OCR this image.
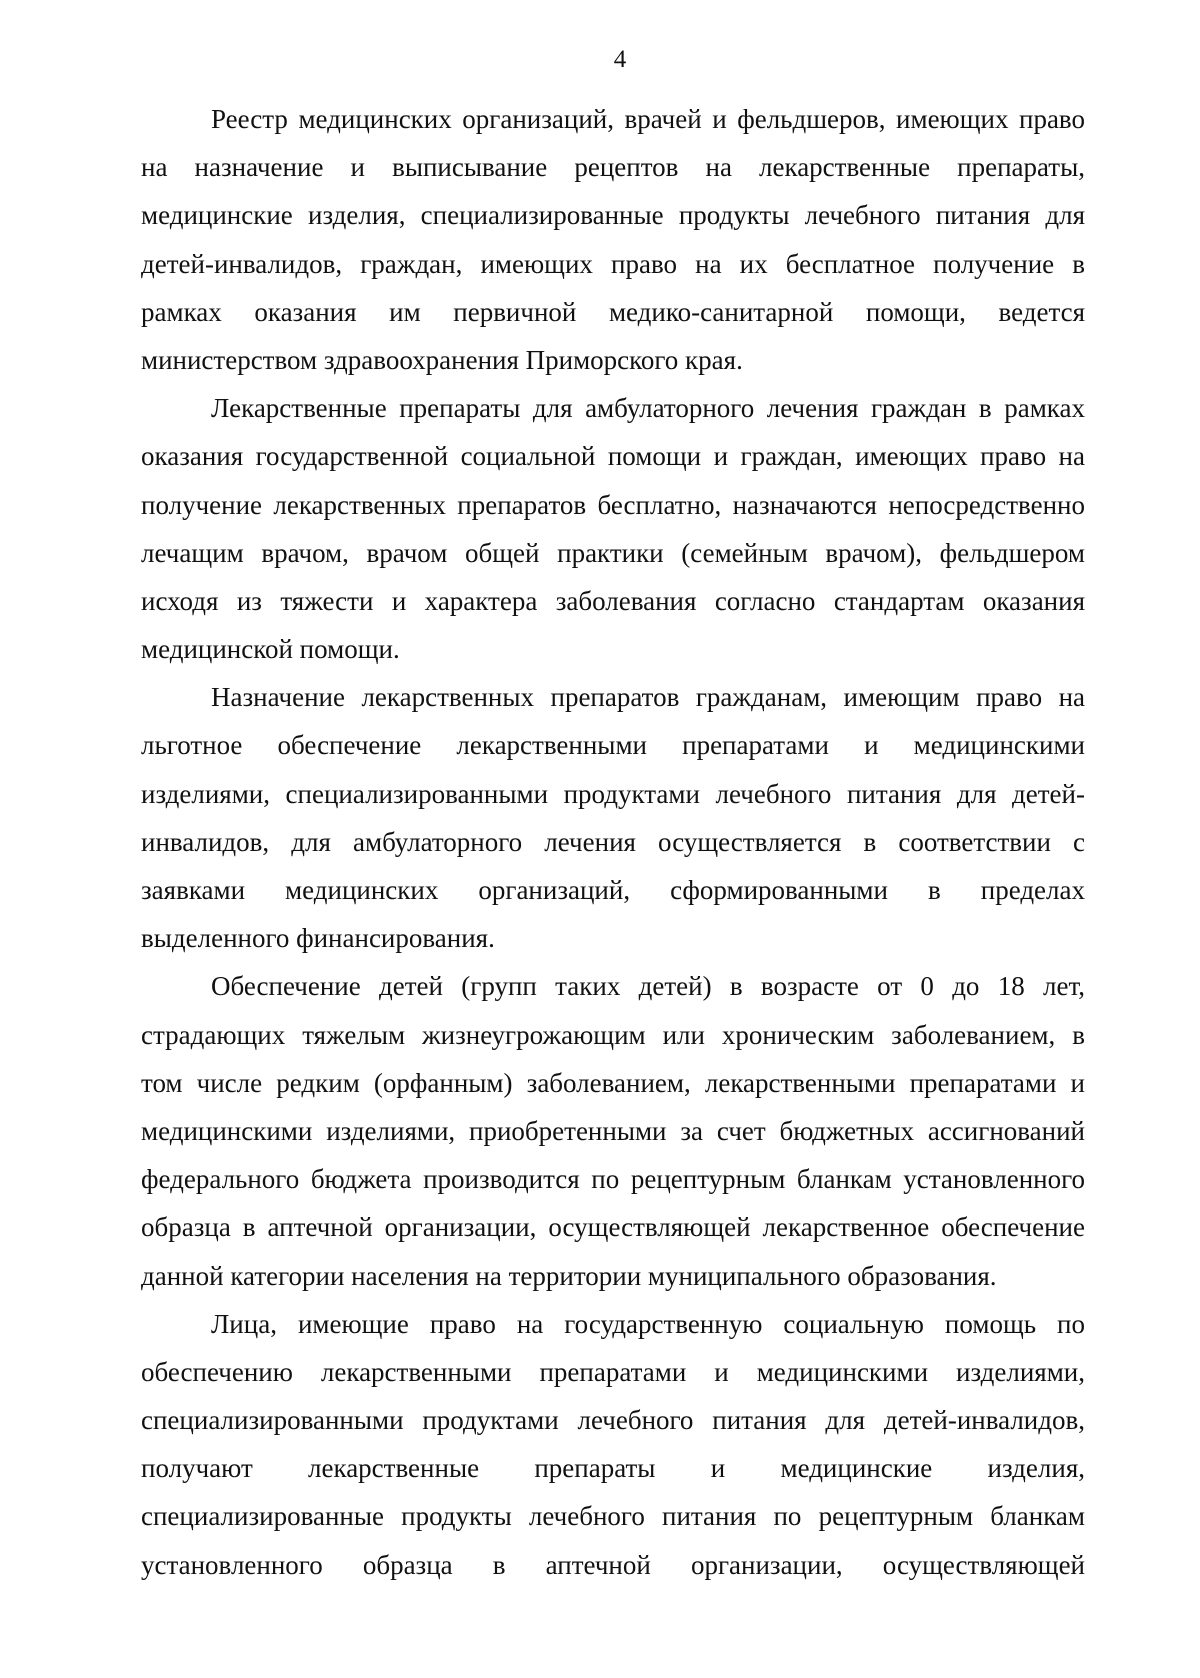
4
Реестр медицинских организаций, врачей и фельдшеров, имеющих право
на назначение и выписывание рецептов на лекарственные препараты,
медицинские изделия, специализированные продукты лечебного питания для
детей-инвалидов, граждан, имеющих право на их бесплатное получение в
рамках оказания им первичной медико-санитарной помощи, ведется
министерством здравоохранения Приморского края.
Лекарственные препараты для амбулаторного лечения граждан в рамках
оказания государственной социальной помощи и граждан, имеющих право на
получение лекарственных препаратов бесплатно, назначаются непосредственно
лечащим врачом, врачом общей практики (семейным врачом), фельдшером
исходя из тяжести и характера заболевания согласно стандартам оказания
медицинской помощи.
Назначение лекарственных препаратов гражданам, имеющим право на
льготное обеспечение лекарственными препаратами и медицинскими
изделиями, специализированными продуктами лечебного питания для детей-
инвалидов, для амбулаторного лечения осуществляется в соответствии с
заявками медицинских организаций, сформированными в пределах
выделенного финансирования.
Обеспечение детей (групп таких детей) в возрасте от 0 до 18 лет,
страдающих тяжелым жизнеугрожающим или хроническим заболеванием, в
том числе редким (орфанным) заболеванием, лекарственными препаратами и
медицинскими изделиями, приобретенными за счет бюджетных ассигнований
федерального бюджета производится по рецептурным бланкам установленного
образца в аптечной организации, осуществляющей лекарственное обеспечение
данной категории населения на территории муниципального образования.
Лица, имеющие право на государственную социальную помощь по
обеспечению лекарственными препаратами и медицинскими изделиями,
специализированными продуктами лечебного питания для детей-инвалидов,
получают лекарственные препараты и медицинские изделия,
специализированные продукты лечебного питания по рецептурным бланкам
установленного образца в аптечной организации, осуществляющей
